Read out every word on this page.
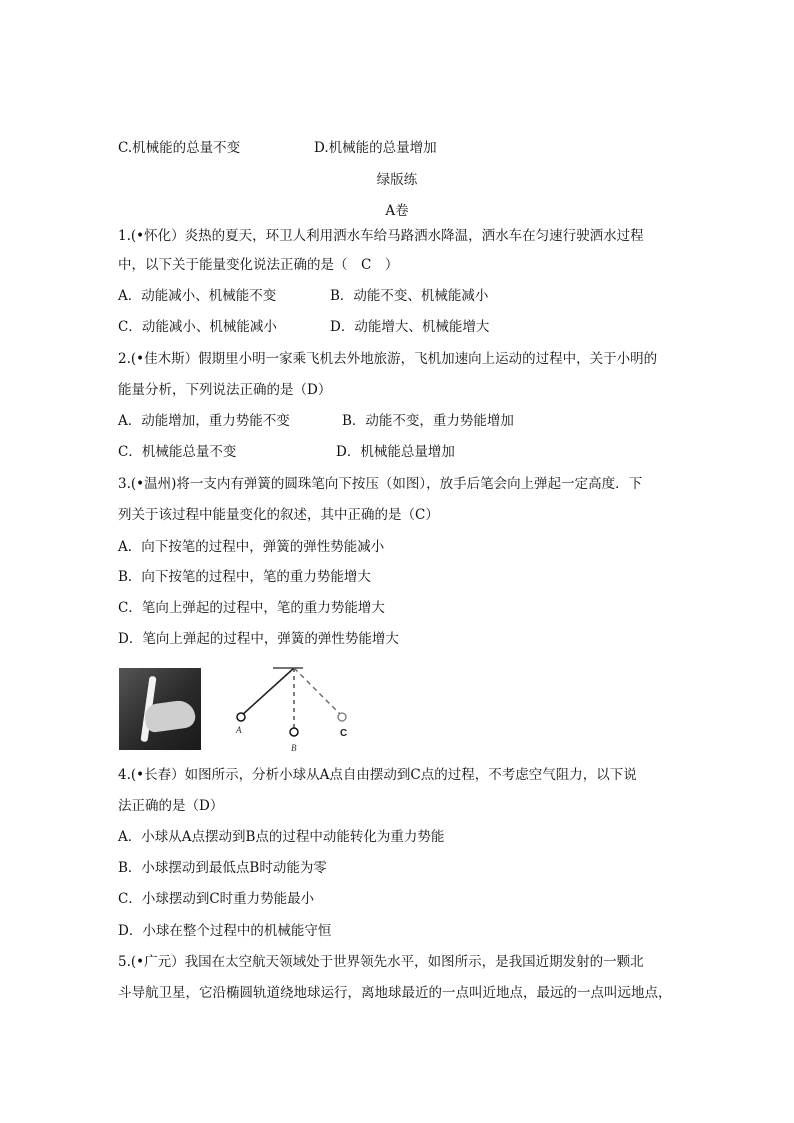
C.机械能的总量不变	D.机械能的总量增加
绿版练
A卷
1.(•怀化）炎热的夏天，环卫人利用洒水车给马路洒水降温，洒水车在匀速行驶洒水过程
中，以下关于能量变化说法正确的是（　C　）
A．动能减小、机械能不变	B．动能不变、机械能减小
C．动能减小、机械能减小	D．动能增大、机械能增大
2.(•佳木斯）假期里小明一家乘飞机去外地旅游，飞机加速向上运动的过程中，关于小明的
能量分析，下列说法正确的是（D）
A．动能增加，重力势能不变	B．动能不变，重力势能增加
C．机械能总量不变	D．机械能总量增加
3.(•温州)将一支内有弹簧的圆珠笔向下按压（如图），放手后笔会向上弹起一定高度．下
列关于该过程中能量变化的叙述，其中正确的是（C）
A．向下按笔的过程中，弹簧的弹性势能减小
B．向下按笔的过程中，笔的重力势能增大
C．笔向上弹起的过程中，笔的重力势能增大
D．笔向上弹起的过程中，弹簧的弹性势能增大
A
B
C
4.(•长春）如图所示，分析小球从A点自由摆动到C点的过程，不考虑空气阻力，以下说
法正确的是（D）
A．小球从A点摆动到B点的过程中动能转化为重力势能
B．小球摆动到最低点B时动能为零
C．小球摆动到C时重力势能最小
D．小球在整个过程中的机械能守恒
5.(•广元）我国在太空航天领域处于世界领先水平，如图所示，是我国近期发射的一颗北
斗导航卫星，它沿椭圆轨道绕地球运行，离地球最近的一点叫近地点，最远的一点叫远地点，
